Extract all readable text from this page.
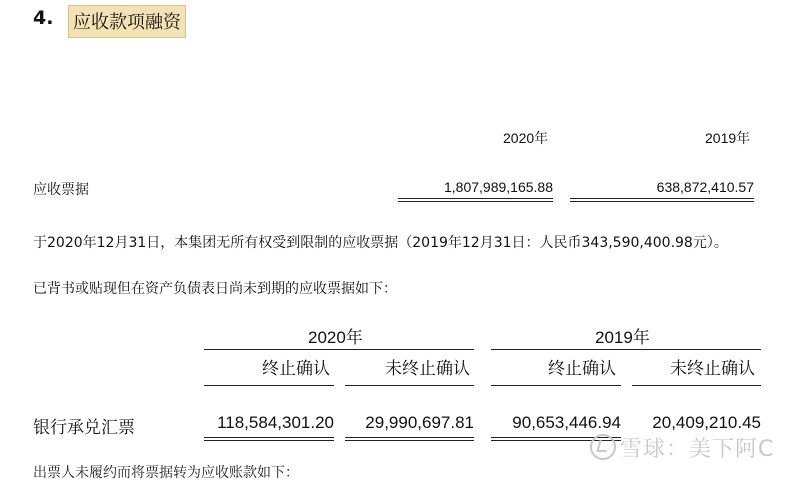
4. 应收款项融资
2020年	2019年
应收票据	1,807,989,165.88	638,872,410.57
于2020年12月31日，本集团无所有权受到限制的应收票据（2019年12月31日：人民币343,590,400.98元）。
已背书或贴现但在资产负债表日尚未到期的应收票据如下：
2020年	2019年
终止确认	未终止确认	终止确认	未终止确认
银行承兑汇票	118,584,301.20 29,990,697.81 90,653,446.94 20,409,210.45
出票人未履约而将票据转为应收账款如下：
雪球：美下阿C
